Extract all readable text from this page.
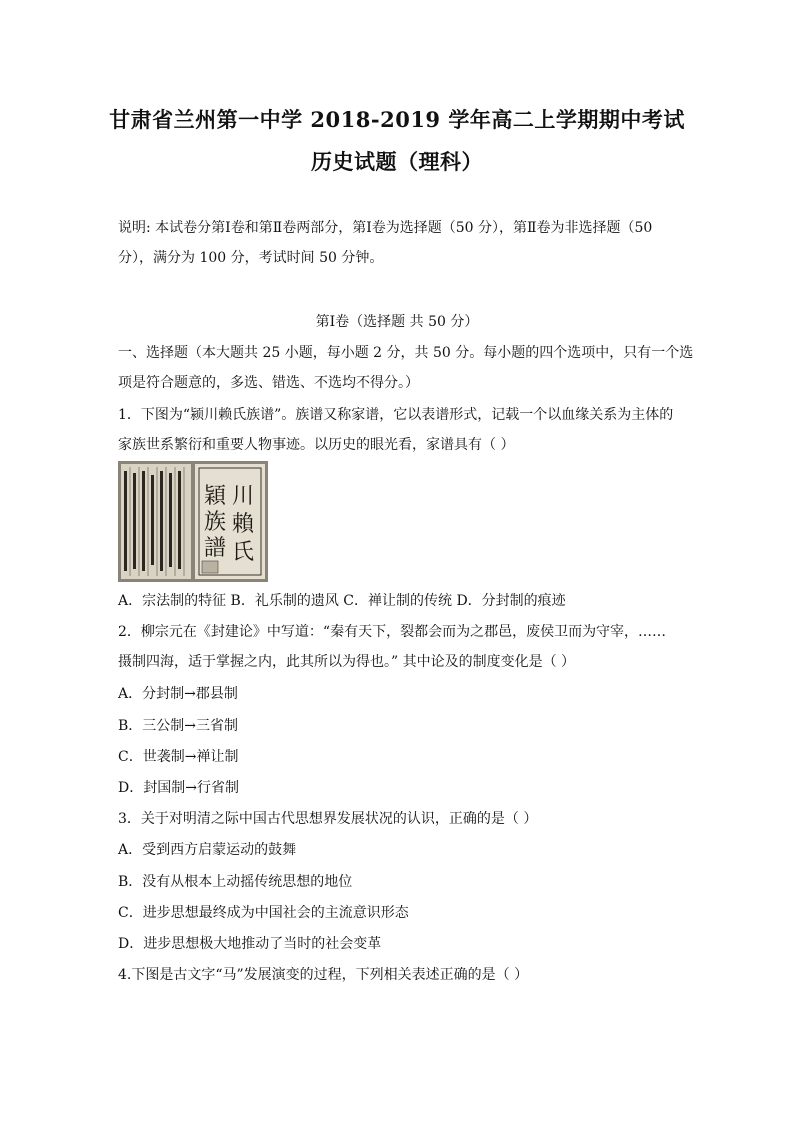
甘肃省兰州第一中学 2018-2019 学年高二上学期期中考试
历史试题（理科）
说明: 本试卷分第Ⅰ卷和第Ⅱ卷两部分，第Ⅰ卷为选择题（50 分），第Ⅱ卷为非选择题（50
分），满分为 100 分，考试时间 50 分钟。
第Ⅰ卷（选择题 共 50 分）
一、选择题（本大题共 25 小题，每小题 2 分，共 50 分。每小题的四个选项中，只有一个选
项是符合题意的，多选、错选、不选均不得分。）
1．下图为“颍川赖氏族谱”。族谱又称家谱，它以表谱形式，记载一个以血缘关系为主体的
家族世系繁衍和重要人物事迹。以历史的眼光看，家谱具有（ ）
穎
族
譜
川
賴
氏
A．宗法制的特征 B．礼乐制的遗风 C．禅让制的传统 D．分封制的痕迹
2．柳宗元在《封建论》中写道：“秦有天下，裂都会而为之郡邑，废侯卫而为守宰，……
摄制四海，适于掌握之内，此其所以为得也。” 其中论及的制度变化是（ ）
A．分封制→郡县制
B．三公制→三省制
C．世袭制→禅让制
D．封国制→行省制
3．关于对明清之际中国古代思想界发展状况的认识，正确的是（ ）
A．受到西方启蒙运动的鼓舞
B．没有从根本上动摇传统思想的地位
C．进步思想最终成为中国社会的主流意识形态
D．进步思想极大地推动了当时的社会变革
4.下图是古文字“马”发展演变的过程，下列相关表述正确的是（ ）
